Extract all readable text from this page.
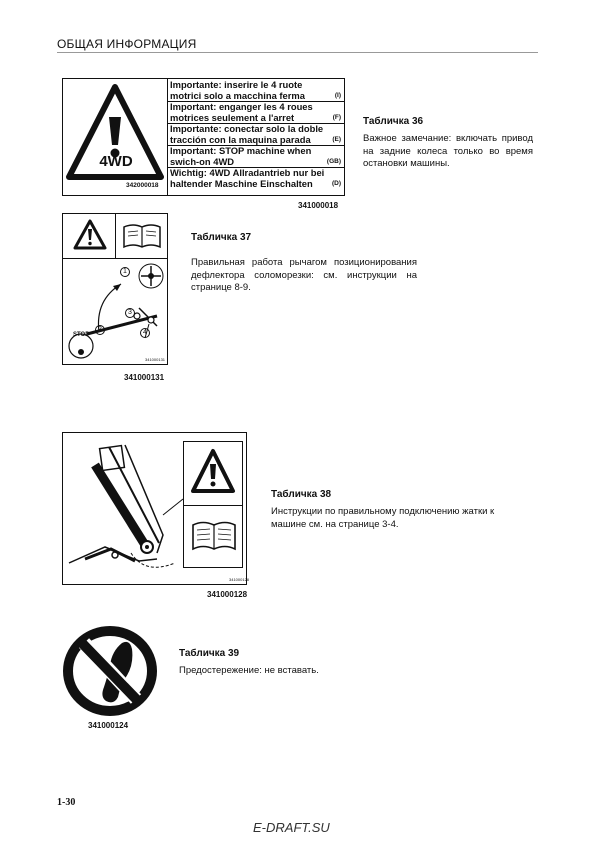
ОБЩАЯ ИНФОРМАЦИЯ
4WD
342000018
Importante: inserire le 4 ruote
motrici solo a macchina ferma	(I)
Important: enganger les 4 roues
motrices seulement a l'arret	(F)
Importante: conectar solo la doble
tracción con la maquina parada	(E)
Important: STOP machine when
swich-on 4WD	(GB)
Wichtig: 4WD Allradantrieb nur bei
haltender Maschine Einschalten	(D)
341000018
Табличка 36
Важное замечание: включать привод на задние колеса только во время остановки машины.
1
2
3
4
STOP
341000131
341000131
Табличка 37
Правильная работа рычагом позиционирования дефлектора соломорезки: см. инструкции на странице 8-9.
341000128
341000128
Табличка 38
Инструкции по правильному подключению жатки к машине см. на странице 3-4.
341000124
Табличка 39
Предостережение: не вставать.
1-30
E-DRAFT.SU
